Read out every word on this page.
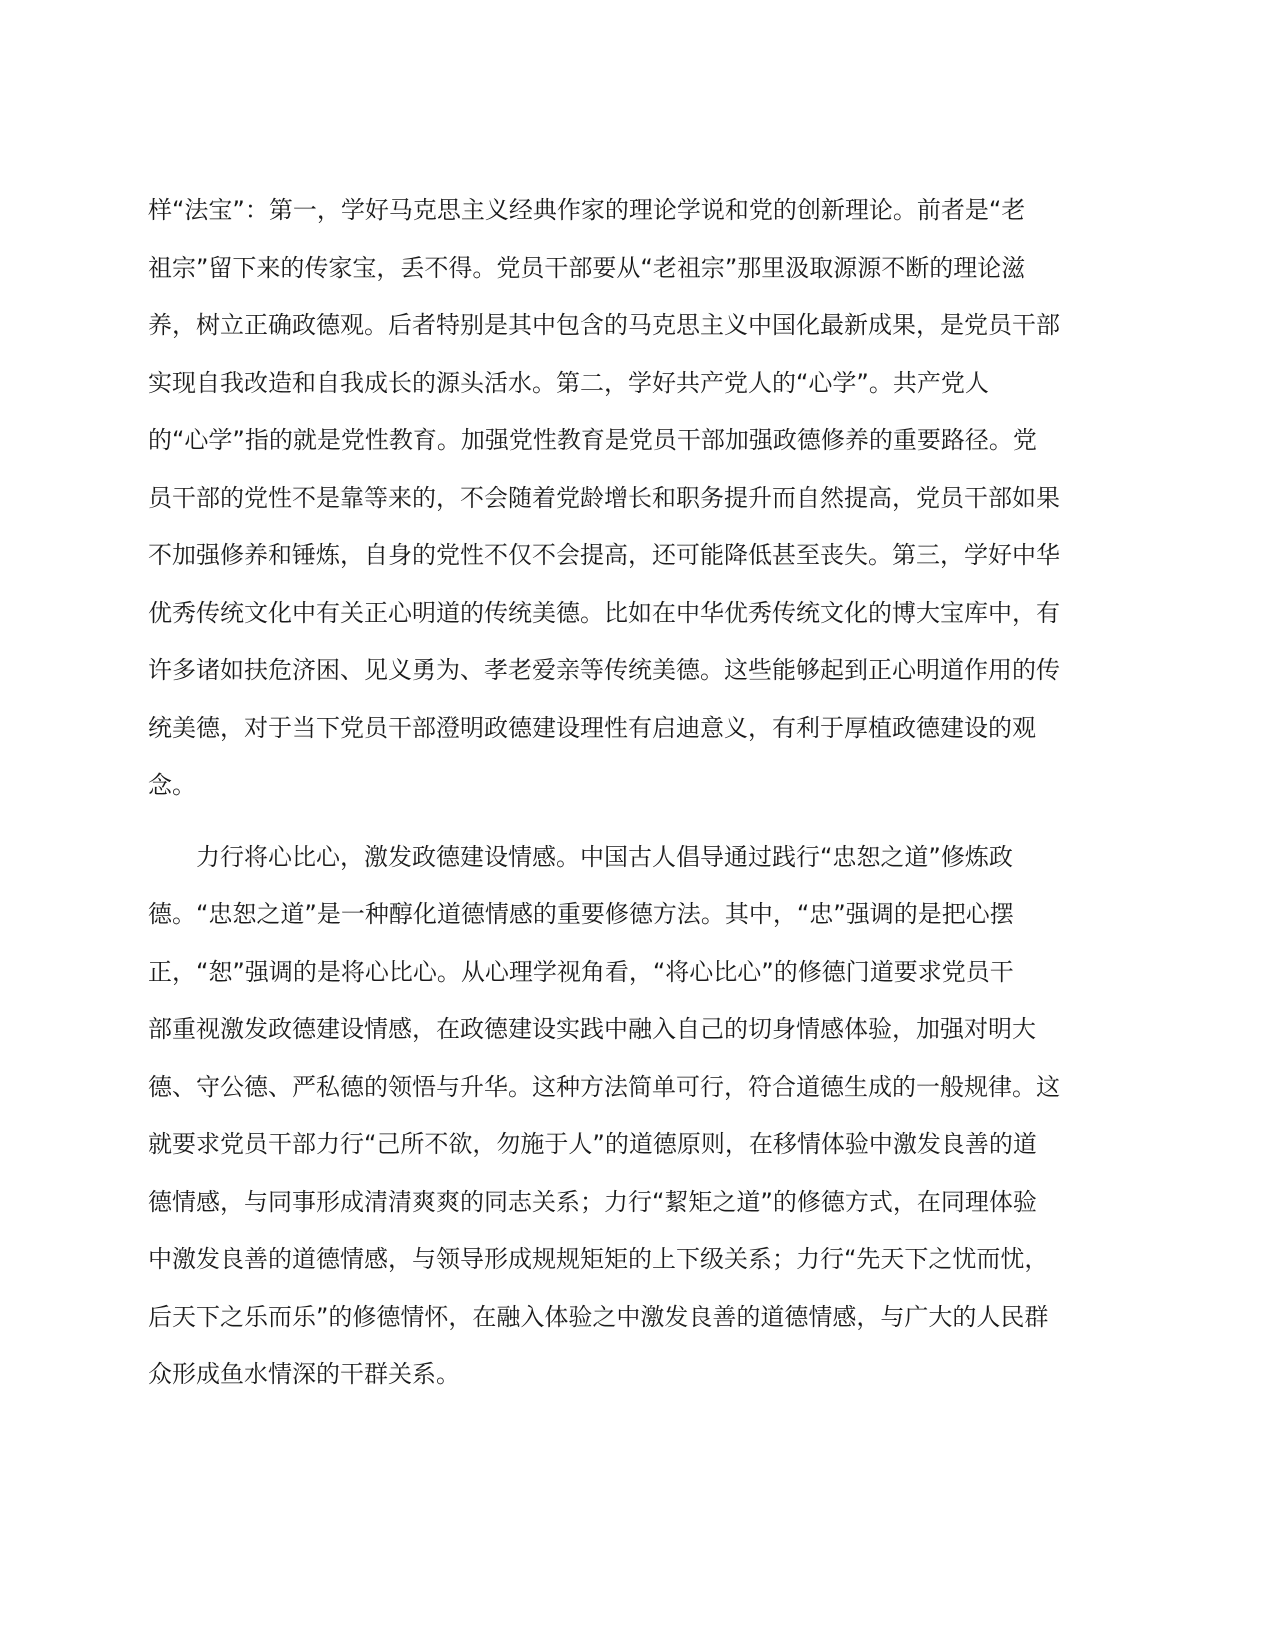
样“法宝”：第一，学好马克思主义经典作家的理论学说和党的创新理论。前者是“老
祖宗”留下来的传家宝，丢不得。党员干部要从“老祖宗”那里汲取源源不断的理论滋
养，树立正确政德观。后者特别是其中包含的马克思主义中国化最新成果，是党员干部
实现自我改造和自我成长的源头活水。第二，学好共产党人的“心学”。共产党人
的“心学”指的就是党性教育。加强党性教育是党员干部加强政德修养的重要路径。党
员干部的党性不是靠等来的，不会随着党龄增长和职务提升而自然提高，党员干部如果
不加强修养和锤炼，自身的党性不仅不会提高，还可能降低甚至丧失。第三，学好中华
优秀传统文化中有关正心明道的传统美德。比如在中华优秀传统文化的博大宝库中，有
许多诸如扶危济困、见义勇为、孝老爱亲等传统美德。这些能够起到正心明道作用的传
统美德，对于当下党员干部澄明政德建设理性有启迪意义，有利于厚植政德建设的观
念。
力行将心比心，激发政德建设情感。中国古人倡导通过践行“忠恕之道”修炼政
德。“忠恕之道”是一种醇化道德情感的重要修德方法。其中，“忠”强调的是把心摆
正，“恕”强调的是将心比心。从心理学视角看，“将心比心”的修德门道要求党员干
部重视激发政德建设情感，在政德建设实践中融入自己的切身情感体验，加强对明大
德、守公德、严私德的领悟与升华。这种方法简单可行，符合道德生成的一般规律。这
就要求党员干部力行“己所不欲，勿施于人”的道德原则，在移情体验中激发良善的道
德情感，与同事形成清清爽爽的同志关系；力行“絜矩之道”的修德方式，在同理体验
中激发良善的道德情感，与领导形成规规矩矩的上下级关系；力行“先天下之忧而忧，
后天下之乐而乐”的修德情怀，在融入体验之中激发良善的道德情感，与广大的人民群
众形成鱼水情深的干群关系。
